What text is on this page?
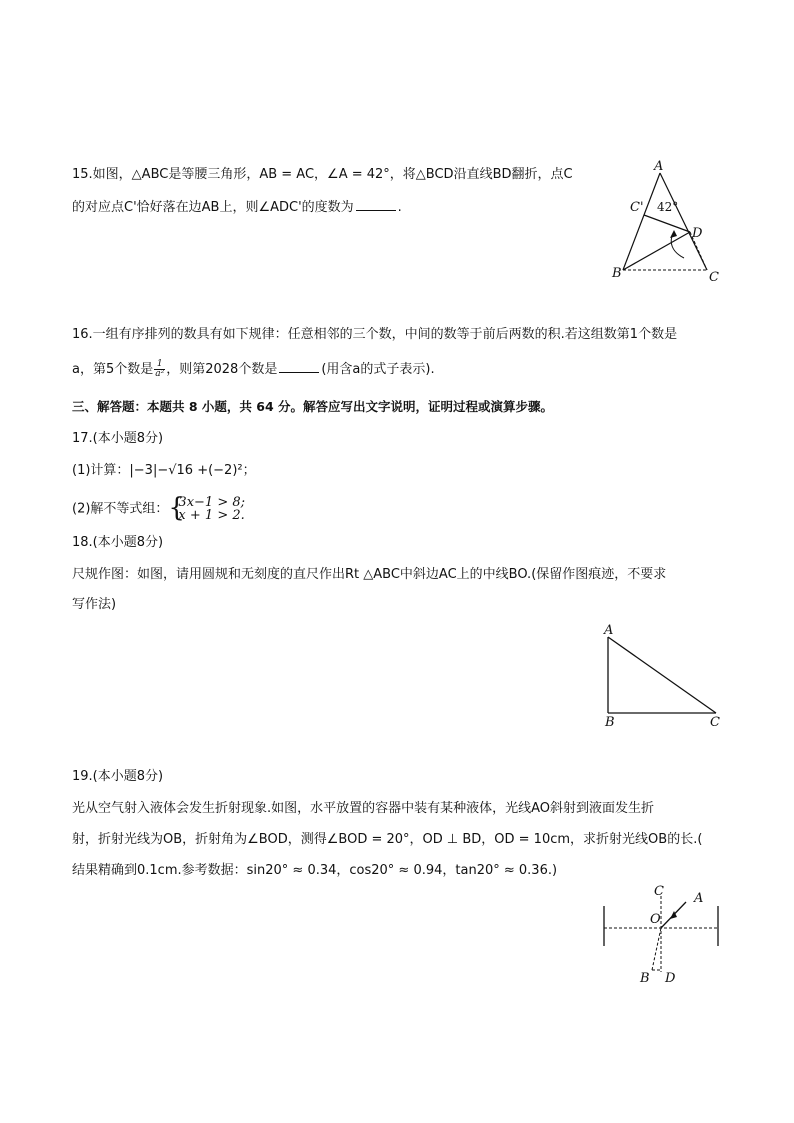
15.如图，△ABC是等腰三角形，AB = AC，∠A = 42°，将△BCD沿直线BD翻折，点C
的对应点C'恰好落在边AB上，则∠ADC'的度数为	.
A
B	C
C'
D
42°
16.一组有序排列的数具有如下规律：任意相邻的三个数，中间的数等于前后两数的积.若这组数第1个数是
a，第5个数是 $\frac{1}{\text{a²}}$ ，则第2028个数是	(用含a的式子表示).
三、解答题：本题共 8 小题，共 64 分。解答应写出文字说明，证明过程或演算步骤。
17.(本小题8分)
(1)计算：|−3|−√16 +(−2)²；
(2)解不等式组： {
3x−1 > 8;
x + 1 > 2.
18.(本小题8分)
尺规作图：如图，请用圆规和无刻度的直尺作出Rt △ABC中斜边AC上的中线BO.(保留作图痕迹，不要求
写作法)
A
B	C
19.(本小题8分)
光从空气射入液体会发生折射现象.如图，水平放置的容器中装有某种液体，光线AO斜射到液面发生折
射，折射光线为OB，折射角为∠BOD，测得∠BOD = 20°，OD ⊥ BD，OD = 10cm，求折射光线OB的长.(
结果精确到0.1cm.参考数据：sin20° ≈ 0.34，cos20° ≈ 0.94，tan20° ≈ 0.36.)
C A
O
B D
